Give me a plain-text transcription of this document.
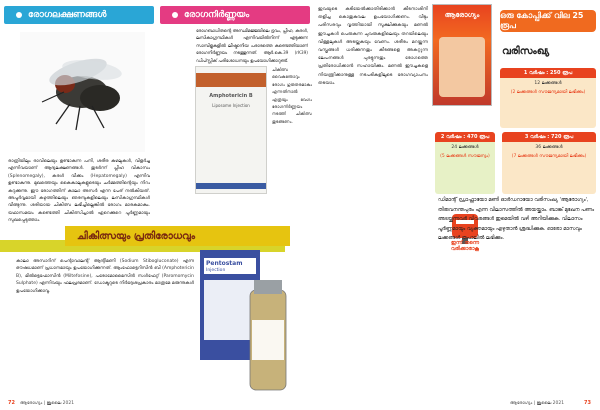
രോഗലക്ഷണങ്ങൾ
രാത്രിയിലും രാവിലെയും ഉണ്ടാകുന്ന പനി, ശരീര കുഴലുകൾ, വിളർച്ച എന്നിവയാണ് ആദ്യലക്ഷണങ്ങൾ. തുടർന്ന് പ്ലീഹ വികാസം (Splenomegaly), കരൾ വീക്കം (Hepatomegaly) എന്നിവ ഉണ്ടാകുന്നു. മുഖത്തെയും കൈകാലുകളുടെയും ചർമ്മത്തിന്റെയും നിറം കറുക്കുന്നു. ഈ രോഗത്തിന് കാലാ അസർ എന്ന പേര് നൽകിയത്. അപൂർവ്വമായി കഴുത്തിലെയും ഞരമ്പുകളിലെയും ലസികാഗ്രന്ഥികൾ വീങ്ങുന്നു. ശരിയായ ചികിത്സ ലഭിച്ചില്ലെങ്കിൽ രോഗം മാരകമാകും. യഥാസമയം കണ്ടെത്തി ചികിത്സിച്ചാൽ ഏറെക്കുറെ പൂർണ്ണമായും സുഖപ്പെടുത്താം.
രോഗനിർണ്ണയം
രോഗബാധിതന്റെ അസ്ഥിമജ്ജയിലെ ദ്രവം, പ്ലീഹ, കരൾ, ലസികാഗ്രന്ഥികൾ എന്നിവയിൽനിന്ന് എടുക്കുന്ന സാമ്പിളുകളിൽ ലീഷ്മാനിയ പരാദത്തെ കണ്ടെത്തിയാണ് രോഗനിർണ്ണയം നടത്തുന്നത്. ആർ.കെ.39 (rK39) ഡിപ്സ്റ്റിക് പരിശോധനയും ഉപയോഗിക്കാറുണ്ട്.
Amphotericin B
Liposome Injection
ചികിത്സ വൈകുന്തോറും രോഗം ഗുരുതരമാകും എന്നതിനാൽ എത്രയും വേഗം രോഗനിർണ്ണയം നടത്തി ചികിത്സ തുടങ്ങണം.
ചികിത്സയും പ്രതിരോധവും
കാലാ അസാറിന് പെന്റാവാലന്റ് ആന്റിമണി (Sodium Stibogluconate) എന്ന ഔഷധമാണ് പ്രധാനമായും ഉപയോഗിക്കുന്നത്. ആംഫോട്ടെറിസിൻ ബി (Amphotericin B), മിൽട്ടെഫോസിൻ (Miltefosine), പരോമോമൈസിൻ സൾഫേറ്റ് (Paromomycin Sulphate) എന്നിവയും ഫലപ്രദമാണ്. ഡോക്ടറുടെ നിർദ്ദേശപ്രകാരം മാത്രമേ മരുന്നുകൾ ഉപയോഗിക്കാവൂ.
Pentostam
Injection
72 ആരോഗ്യം | ജൂലൈ 2021
ഇവയുടെ കടിയേൽക്കാതിരിക്കാൻ കീടനാശിനി തളിച്ച കൊതുകുവല ഉപയോഗിക്കണം. വീടും പരിസരവും വൃത്തിയായി സൂക്ഷിക്കുകയും മണൽ ഈച്ചകൾ പെരുകുന്ന ചുവരുകളിലെയും തറയിലെയും വിള്ളലുകൾ അടയ്ക്കുകയും വേണം. ശരീരം മറയ്ക്കുന്ന വസ്ത്രങ്ങൾ ധരിക്കുന്നതും കീടങ്ങളെ അകറ്റുന്ന ലേപനങ്ങൾ പുരട്ടുന്നതും രോഗത്തെ പ്രതിരോധിക്കാൻ സഹായിക്കും. മണൽ ഈച്ചകളെ നിയന്ത്രിക്കാനുള്ള നടപടികളിലൂടെ രോഗവ്യാപനം തടയാം.
ആരോഗ്യം	ഒരു കോപ്പിക്ക് വില 25 രൂപ
വരിസംഖ്യ
1 വർഷം : 250 രൂപ
12 ലക്കങ്ങൾ
(2 ലക്കങ്ങൾ സൗജന്യമായി ലഭിക്കും)
2 വർഷം : 470 രൂപ
24 ലക്കങ്ങൾ
(5 ലക്കങ്ങൾ സൗജന്യം)
3 വർഷം : 720 രൂപ
36 ലക്കങ്ങൾ
(7 ലക്കങ്ങൾ സൗജന്യമായി ലഭിക്കും)
ഇന്ന് തന്നെ വരിക്കാരാകൂ
ഡിമാന്റ് ഡ്രാഫ്റ്റായോ മണി ഓർഡറായോ വരിസംഖ്യ 'ആരോഗ്യം', തിരുവനന്തപുരം എന്ന വിലാസത്തിൽ അയയ്ക്കാം. ബാങ്ക് മുഖേന പണം അടയ്ക്കുന്നവർ വിവരങ്ങൾ ഇമെയിൽ വഴി അറിയിക്കുക. വിലാസം പൂർണ്ണമായും വ്യക്തമായും എഴുതാൻ ശ്രദ്ധിക്കുക. ഓരോ മാസവും ലക്കങ്ങൾ തപാലിൽ ലഭിക്കും.
ആരോഗ്യം | ജൂലൈ 2021	73
